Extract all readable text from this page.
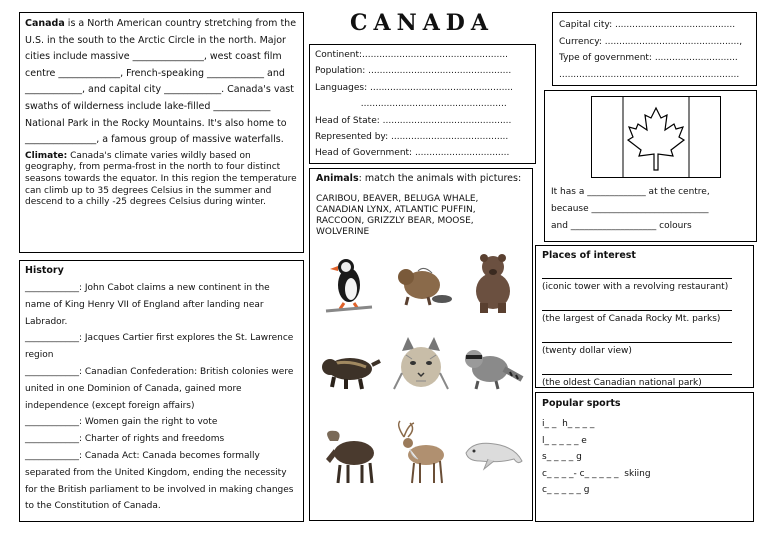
Canada is a North American country stretching from the U.S. in the south to the Arctic Circle in the north. Major cities include massive _______________, west coast film centre _____________, French-speaking ____________ and ____________, and capital city ____________. Canada's vast swaths of wilderness include lake-filled ____________ National Park in the Rocky Mountains. It's also home to _______________, a famous group of massive waterfalls.

Climate: Canada's climate varies wildly based on geography, from perma-frost in the north to four distinct seasons towards the equator. In this region the temperature can climb up to 35 degrees Celsius in the summer and descend to a chilly -25 degrees Celsius during winter.

History
____________: John Cabot claims a new continent in the name of King Henry VII of England after landing near Labrador.
____________: Jacques Cartier first explores the St. Lawrence region
____________: Canadian Confederation: British colonies were united in one Dominion of Canada, gained more independence (except foreign affairs)
____________: Women gain the right to vote
____________: Charter of rights and freedoms
____________: Canada Act: Canada becomes formally separated from the United Kingdom, ending the necessity for the British parliament to be involved in making changes to the Constitution of Canada.
CANADA
Continent:...................................................
Population: ..................................................
Languages: ..................................................
...................................................
Head of State: .............................................
Represented by: .........................................
Head of Government: .................................
Animals: match the animals with pictures:
CARIBOU, BEAVER, BELUGA WHALE, CANADIAN LYNX, ATLANTIC PUFFIN, RACCOON, GRIZZLY BEAR, MOOSE, WOLVERINE
Capital city: ..........................................
Currency: ...............................................,
Type of government: .............................
...............................................................
It has a _____________ at the centre,
because __________________________
and ___________________ colours
Places of interest
(iconic tower with a revolving restaurant)
(the largest of Canada Rocky Mt. parks)
(twenty dollar view)
(the oldest Canadian national park)
Popular sports
i_ _  h_ _ _ _
l_ _ _ _ _ e
s_ _ _ _ g
c_ _ _ _- c_ _ _ _ _  skiing
c_ _ _ _ _ g
